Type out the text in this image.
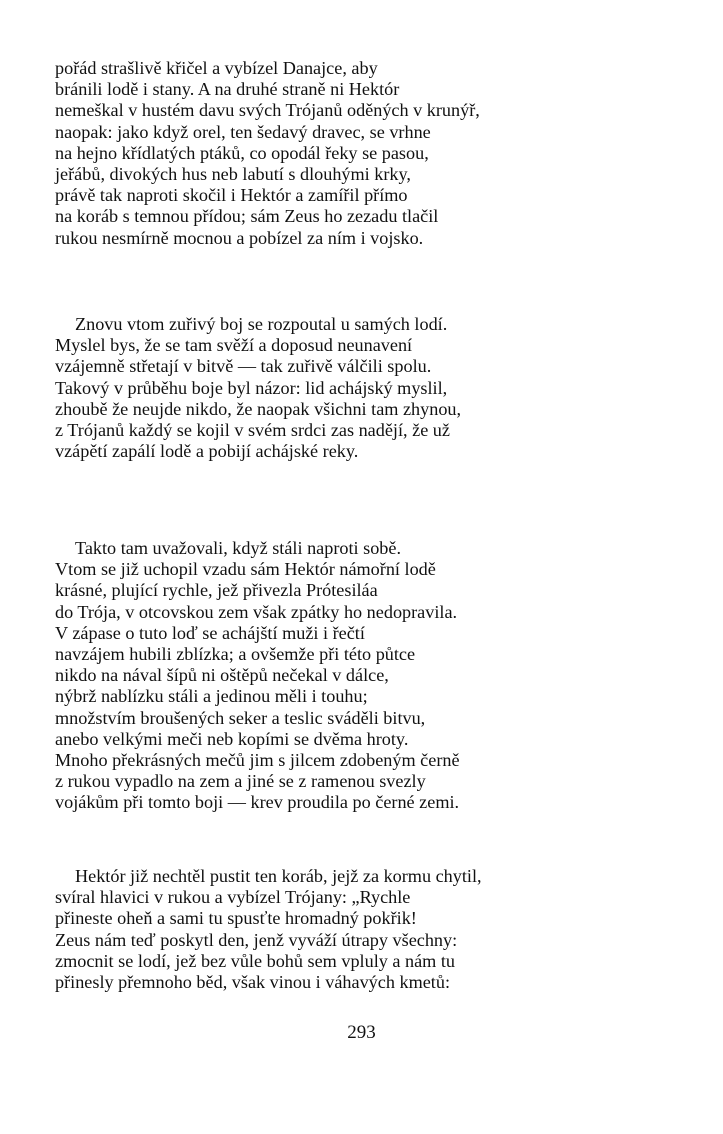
pořád strašlivě křičel a vybízel Danajce, aby
bránili lodě i stany. A na druhé straně ni Hektór
nemeškal v hustém davu svých Trójanů oděných v krunýř,
naopak: jako když orel, ten šedavý dravec, se vrhne
na hejno křídlatých ptáků, co opodál řeky se pasou,
jeřábů, divokých hus neb labutí s dlouhými krky,
právě tak naproti skočil i Hektór a zamířil přímo
na koráb s temnou přídou; sám Zeus ho zezadu tlačil
rukou nesmírně mocnou a pobízel za ním i vojsko.
Znovu vtom zuřivý boj se rozpoutal u samých lodí.
Myslel bys, že se tam svěží a doposud neunavení
vzájemně střetají v bitvě — tak zuřivě válčili spolu.
Takový v průběhu boje byl názor: lid achájský myslil,
zhoubě že neujde nikdo, že naopak všichni tam zhynou,
z Trójanů každý se kojil v svém srdci zas nadějí, že už
vzápětí zapálí lodě a pobijí achájské reky.
Takto tam uvažovali, když stáli naproti sobě.
Vtom se již uchopil vzadu sám Hektór námořní lodě
krásné, plující rychle, jež přivezla Prótesiláa
do Trója, v otcovskou zem však zpátky ho nedopravila.
V zápase o tuto loď se achájští muži i řečtí
navzájem hubili zblízka; a ovšemže při této půtce
nikdo na nával šípů ni oštěpů nečekal v dálce,
nýbrž nablízku stáli a jedinou měli i touhu;
množstvím broušených seker a teslic sváděli bitvu,
anebo velkými meči neb kopími se dvěma hroty.
Mnoho překrásných mečů jim s jilcem zdobeným černě
z rukou vypadlo na zem a jiné se z ramenou svezly
vojákům při tomto boji — krev proudila po černé zemi.
Hektór již nechtěl pustit ten koráb, jejž za kormu chytil,
svíral hlavici v rukou a vybízel Trójany: „Rychle
přineste oheň a sami tu spusťte hromadný pokřik!
Zeus nám teď poskytl den, jenž vyváží útrapy všechny:
zmocnit se lodí, jež bez vůle bohů sem vpluly a nám tu
přinesly přemnoho běd, však vinou i váhavých kmetů:
293
